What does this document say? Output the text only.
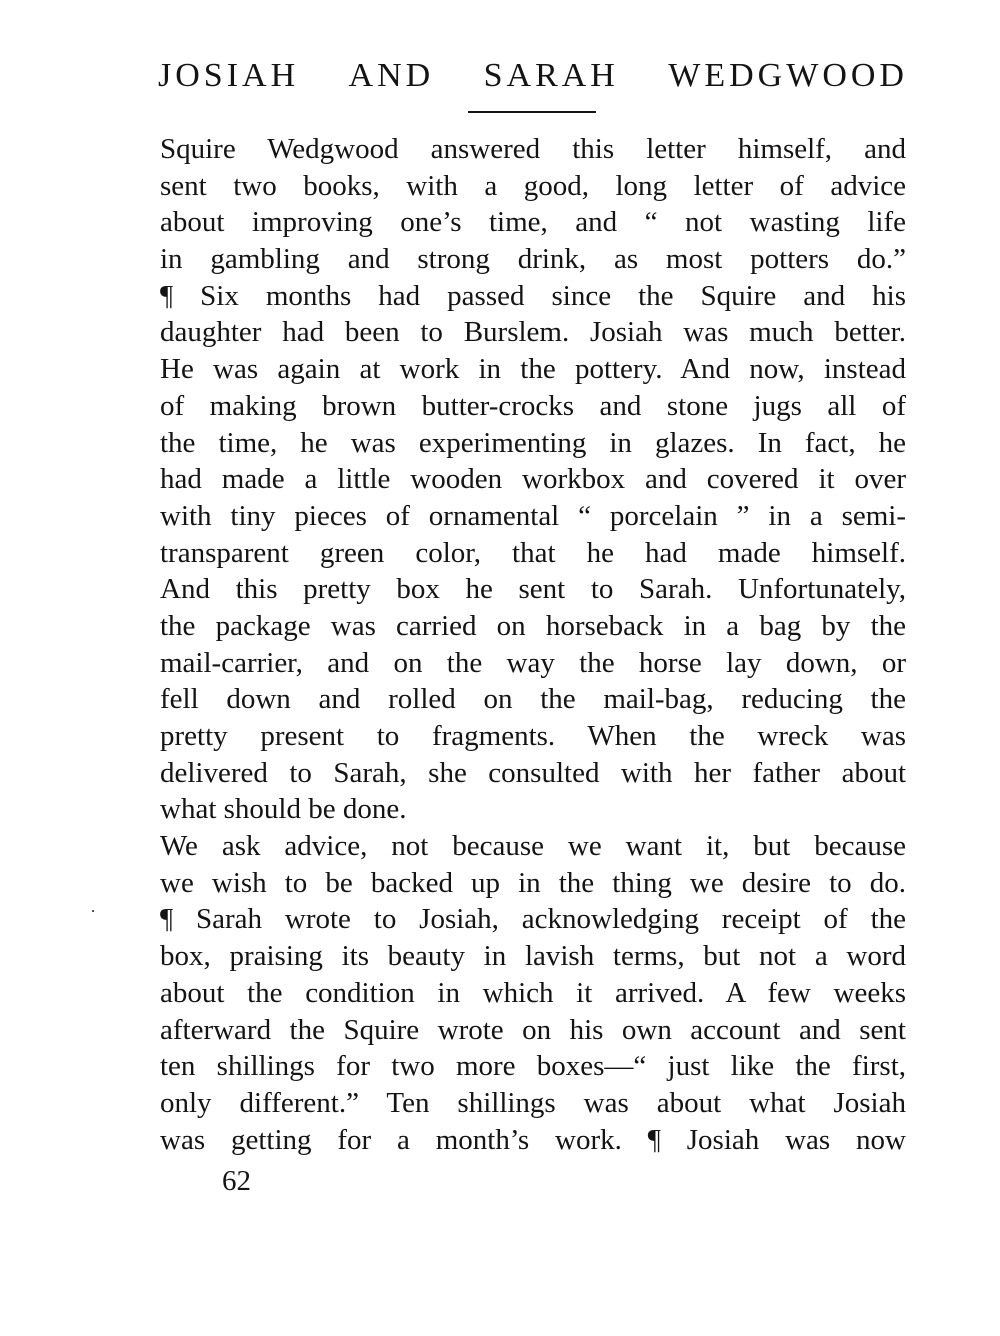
JOSIAH AND SARAH WEDGWOOD
Squire Wedgwood answered this letter himself, and
sent two books, with a good, long letter of advice
about improving one’s time, and “ not wasting life
in gambling and strong drink, as most potters do.”
¶ Six months had passed since the Squire and his
daughter had been to Burslem. Josiah was much better.
He was again at work in the pottery. And now, instead
of making brown butter-crocks and stone jugs all of
the time, he was experimenting in glazes. In fact, he
had made a little wooden workbox and covered it over
with tiny pieces of ornamental “ porcelain ” in a semi-
transparent green color, that he had made himself.
And this pretty box he sent to Sarah. Unfortunately,
the package was carried on horseback in a bag by the
mail-carrier, and on the way the horse lay down, or
fell down and rolled on the mail-bag, reducing the
pretty present to fragments. When the wreck was
delivered to Sarah, she consulted with her father about
what should be done.
We ask advice, not because we want it, but because
we wish to be backed up in the thing we desire to do.
¶ Sarah wrote to Josiah, acknowledging receipt of the
box, praising its beauty in lavish terms, but not a word
about the condition in which it arrived. A few weeks
afterward the Squire wrote on his own account and sent
ten shillings for two more boxes—“ just like the first,
only different.” Ten shillings was about what Josiah
was getting for a month’s work. ¶ Josiah was now
62
